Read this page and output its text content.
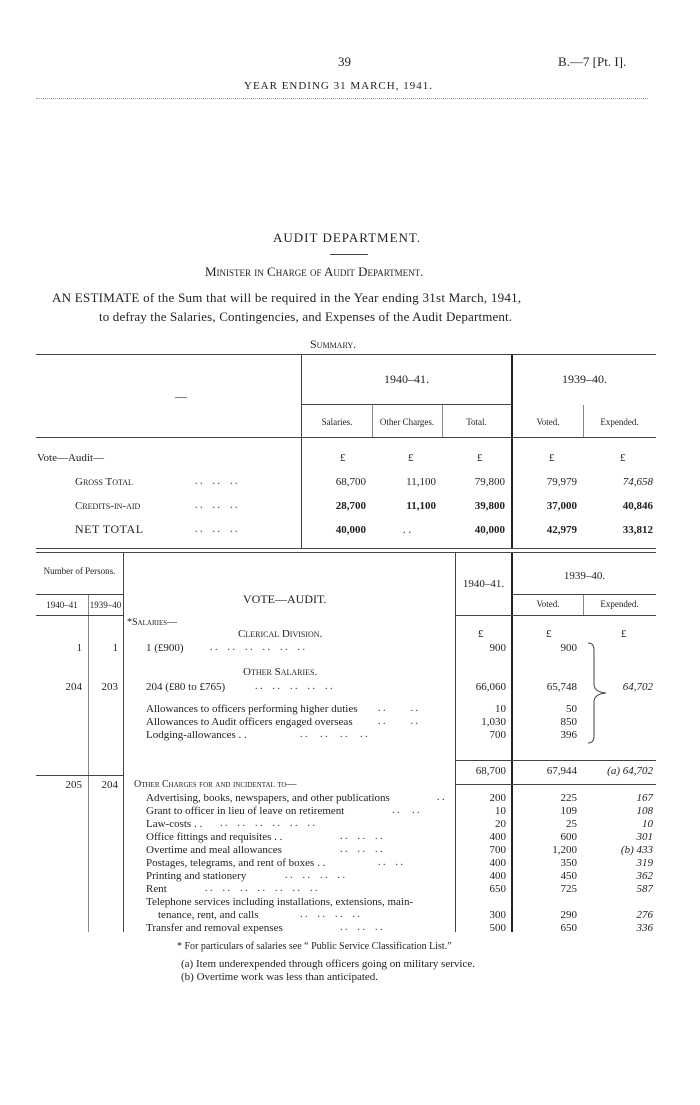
39	B.—7 [Pt. I].
YEAR ENDING 31 MARCH, 1941.
AUDIT DEPARTMENT.
Minister in Charge of Audit Department.
AN ESTIMATE of the Sum that will be required in the Year ending 31st March, 1941,
to defray the Salaries, Contingencies, and Expenses of the Audit Department.
Summary.
—
1940–41.	1939–40.
Salaries.	Other Charges.	Total.	Voted.	Expended.
Vote—Audit—	£	£	£	£	£
Gross Total	. .    . .    . .	68,700	11,100	79,800	79,979	74,658
Credits-in-aid	. .    . .    . .	28,700	11,100	39,800	37,000	40,846
NET TOTAL	. .    . .    . .	40,000	. .	40,000	42,979	33,812
Number of Persons.
1940–41	1939–40	VOTE—AUDIT.
1940–41.
1939–40.
Voted.	Expended.
*Salaries—
Clerical Division.	£	£	£
1	1	1 (£900)	. .    . .    . .    . .    . .    . .	900	900
Other Salaries.
204	203	204 (£80 to £765)	. .    . .    . .    . .    . .	66,060	65,748	64,702
Allowances to officers performing higher duties . .          . .	10	50
Allowances to Audit officers engaged overseas	. .          . .	1,030	850
Lodging-allowances . .	. .     . .     . .     . .	700	396
68,700	67,944	(a) 64,702
205	204 Other Charges for and incidental to—
Advertising, books, newspapers, and other publications	. .	200	225	167
Grant to officer in lieu of leave on retirement	. .     . .	10	109	108
Law-costs . . . .    . .    . .    . .    . .    . .	20	25	10
Office fittings and requisites . .	. .    . .    . .	400	600	301
Overtime and meal allowances	. .    . .    . .	700	1,200	(b) 433
Postages, telegrams, and rent of boxes . .	. .    . .	400	350	319
Printing and stationery	. .    . .    . .    . .	400	450	362
Rent	. .    . .    . .    . .    . .    . .    . .	650	725	587
Telephone services including installations, extensions, main-
tenance, rent, and calls	. .    . .    . .    . .	300	290	276
Transfer and removal expenses	. .    . .    . .	500	650	336
* For particulars of salaries see “ Public Service Classification List.”
(a) Item underexpended through officers going on military service.
(b) Overtime work was less than anticipated.
